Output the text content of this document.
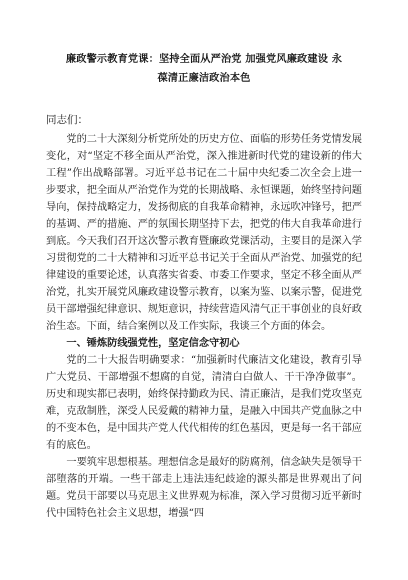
廉政警示教育党课：坚持全面从严治党 加强党风廉政建设 永
葆清正廉洁政治本色
同志们：

党的二十大深刻分析党所处的历史方位、面临的形势任务党情发展变化，对“坚定不移全面从严治党，深入推进新时代党的建设新的伟大工程”作出战略部署。习近平总书记在二十届中央纪委二次全会上进一步要求，把全面从严治党作为党的长期战略、永恒课题，始终坚持问题导向，保持战略定力，发扬彻底的自我革命精神，永远吹冲锋号，把严的基调、严的措施、严的氛围长期坚持下去，把党的伟大自我革命进行到底。今天我们召开这次警示教育暨廉政党课活动，主要目的是深入学习贯彻党的二十大精神和习近平总书记关于全面从严治党、加强党的纪律建设的重要论述，认真落实省委、市委工作要求，坚定不移全面从严治党，扎实开展党风廉政建设警示教育，以案为鉴、以案示警，促进党员干部增强纪律意识、规矩意识，持续营造风清气正干事创业的良好政治生态。下面，结合案例以及工作实际，我谈三个方面的体会。

一、锤炼防线强党性，坚定信念守初心

党的二十大报告明确要求：“加强新时代廉洁文化建设，教育引导广大党员、干部增强不想腐的自觉，清清白白做人、干干净净做事”。历史和现实都已表明，始终保持勤政为民、清正廉洁，是我们党攻坚克难，克敌制胜，深受人民爱戴的精神力量，是融入中国共产党血脉之中的不变本色，是中国共产党人代代相传的红色基因，更是每一名干部应有的底色。

一要筑牢思想根基。理想信念是最好的防腐剂，信念缺失是领导干部堕落的开端。一些干部走上违法违纪歧途的源头都是世界观出了问题。党员干部要以马克思主义世界观为标准，深入学习贯彻习近平新时代中国特色社会主义思想，增强“四
